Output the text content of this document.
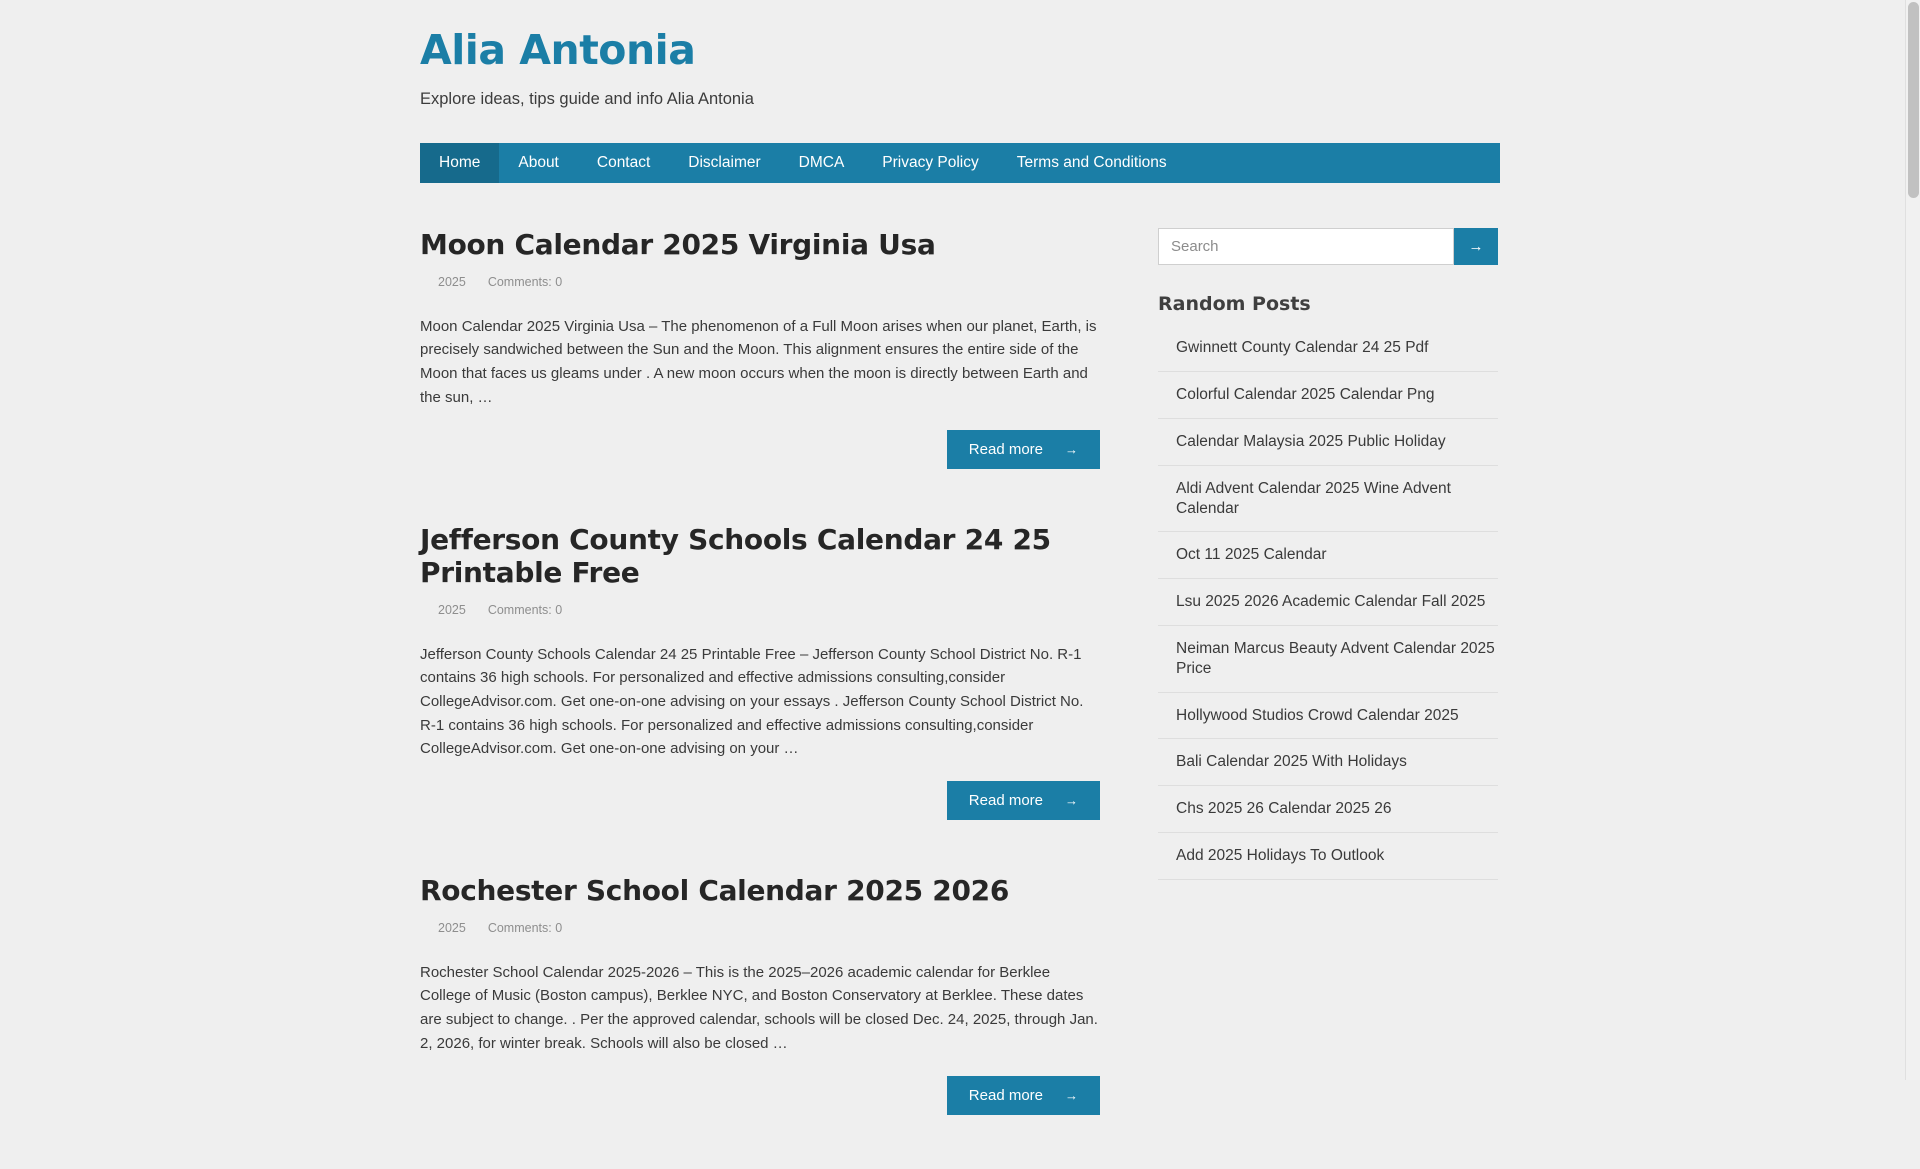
Alia Antonia
Explore ideas, tips guide and info Alia Antonia
Home	About	Contact	Disclaimer	DMCA	Privacy Policy	Terms and Conditions
Moon Calendar 2025 Virginia Usa
2025 Comments: 0

Moon Calendar 2025 Virginia Usa – The phenomenon of a Full Moon arises when our planet, Earth, is precisely sandwiched between the Sun and the Moon. This alignment ensures the entire side of the Moon that faces us gleams under . A new moon occurs when the moon is directly between Earth and the sun, …

Read more →
Jefferson County Schools Calendar 24 25 Printable Free
2025 Comments: 0

Jefferson County Schools Calendar 24 25 Printable Free – Jefferson County School District No. R-1 contains 36 high schools. For personalized and effective admissions consulting,consider CollegeAdvisor.com. Get one-on-one advising on your essays . Jefferson County School District No. R-1 contains 36 high schools. For personalized and effective admissions consulting,consider CollegeAdvisor.com. Get one-on-one advising on your …

Read more →
Rochester School Calendar 2025 2026
2025 Comments: 0

Rochester School Calendar 2025-2026 – This is the 2025–2026 academic calendar for Berklee College of Music (Boston campus), Berklee NYC, and Boston Conservatory at Berklee. These dates are subject to change. . Per the approved calendar, schools will be closed Dec. 24, 2025, through Jan. 2, 2026, for winter break. Schools will also be closed …

Read more →
Search
→
Random Posts
Gwinnett County Calendar 24 25 Pdf
Colorful Calendar 2025 Calendar Png
Calendar Malaysia 2025 Public Holiday
Aldi Advent Calendar 2025 Wine Advent Calendar
Oct 11 2025 Calendar
Lsu 2025 2026 Academic Calendar Fall 2025
Neiman Marcus Beauty Advent Calendar 2025 Price
Hollywood Studios Crowd Calendar 2025
Bali Calendar 2025 With Holidays
Chs 2025 26 Calendar 2025 26
Add 2025 Holidays To Outlook
